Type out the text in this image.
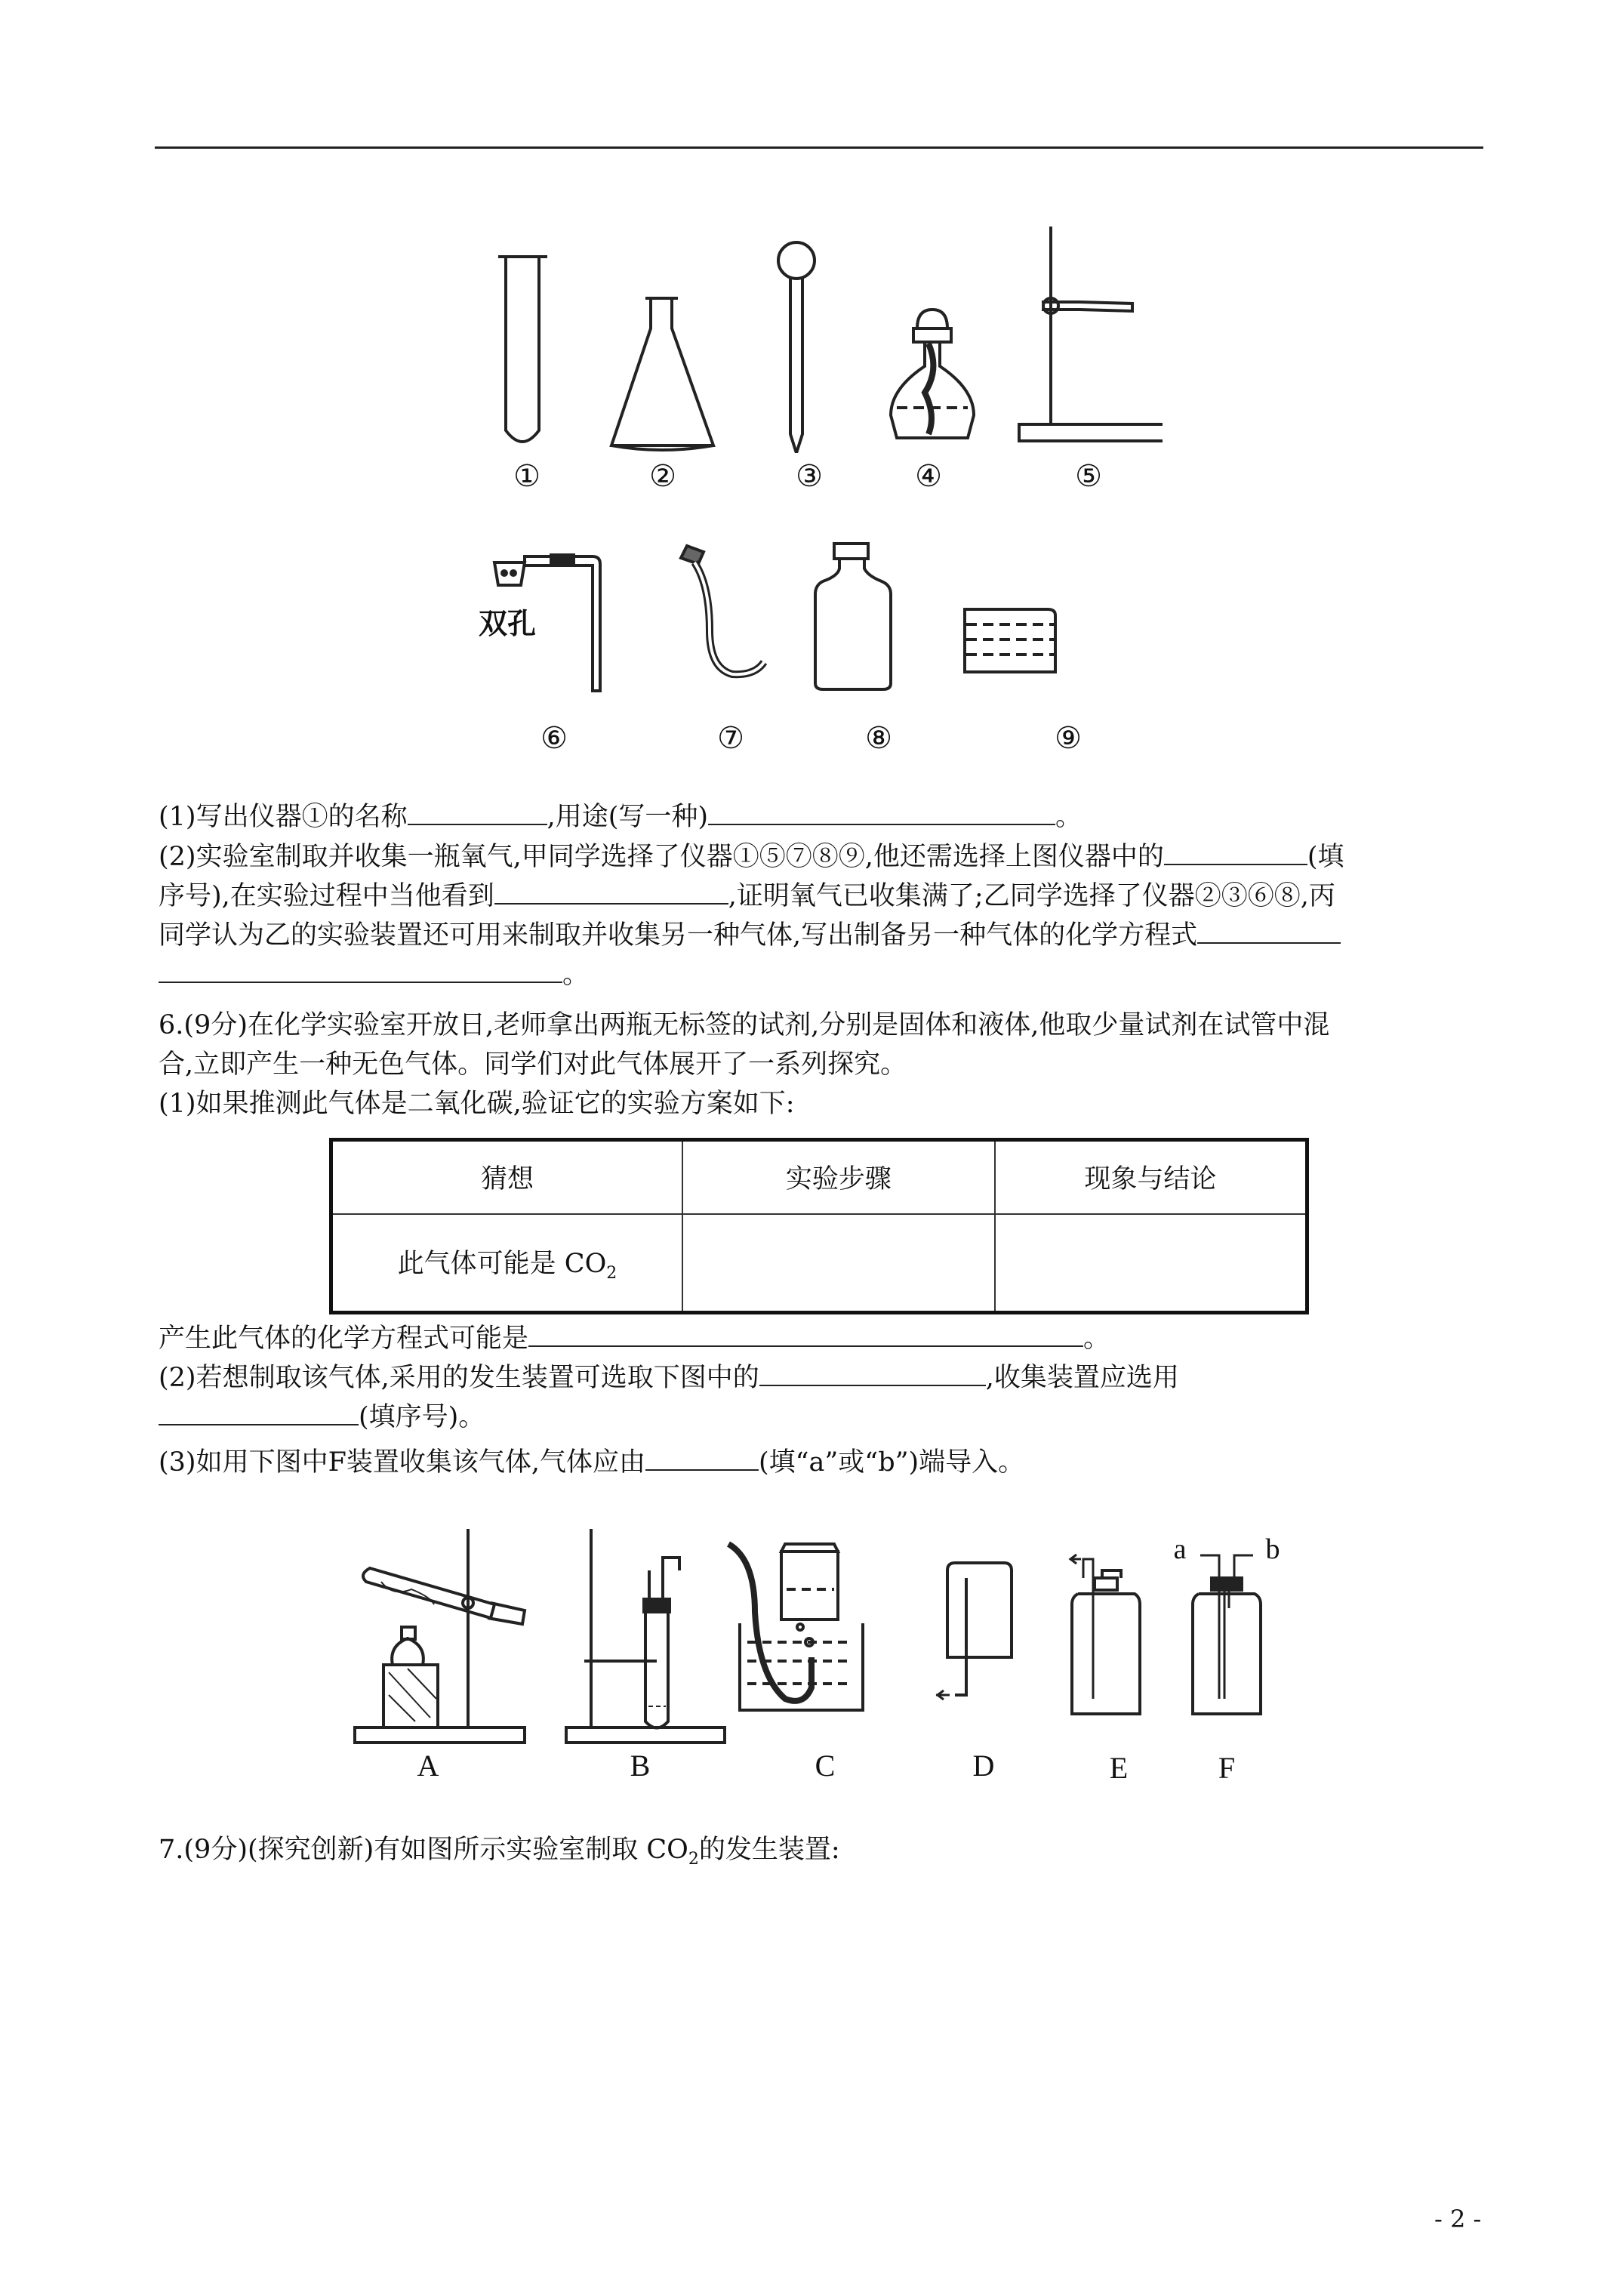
①	②	③	④	⑤
双孔
⑥	⑦	⑧	⑨
(1)写出仪器①的名称	,用途(写一种)	。
(2)实验室制取并收集一瓶氧气,甲同学选择了仪器①⑤⑦⑧⑨,他还需选择上图仪器中的	(填
序号),在实验过程中当他看到	,证明氧气已收集满了;乙同学选择了仪器②③⑥⑧,丙
同学认为乙的实验装置还可用来制取并收集另一种气体,写出制备另一种气体的化学方程式
。
6.(9分)在化学实验室开放日,老师拿出两瓶无标签的试剂,分别是固体和液体,他取少量试剂在试管中混
合,立即产生一种无色气体。同学们对此气体展开了一系列探究。
(1)如果推测此气体是二氧化碳,验证它的实验方案如下:
猜想	实验步骤	现象与结论
此气体可能是 $CO_2$		
产生此气体的化学方程式可能是	。
(2)若想制取该气体,采用的发生装置可选取下图中的	,收集装置应选用
(填序号)。
(3)如用下图中F装置收集该气体,气体应由	(填“a”或“b”)端导入。
A	B	C	D	E	F
a	b
7.(9分)(探究创新)有如图所示实验室制取 $CO_2$的发生装置:
- 2 -
